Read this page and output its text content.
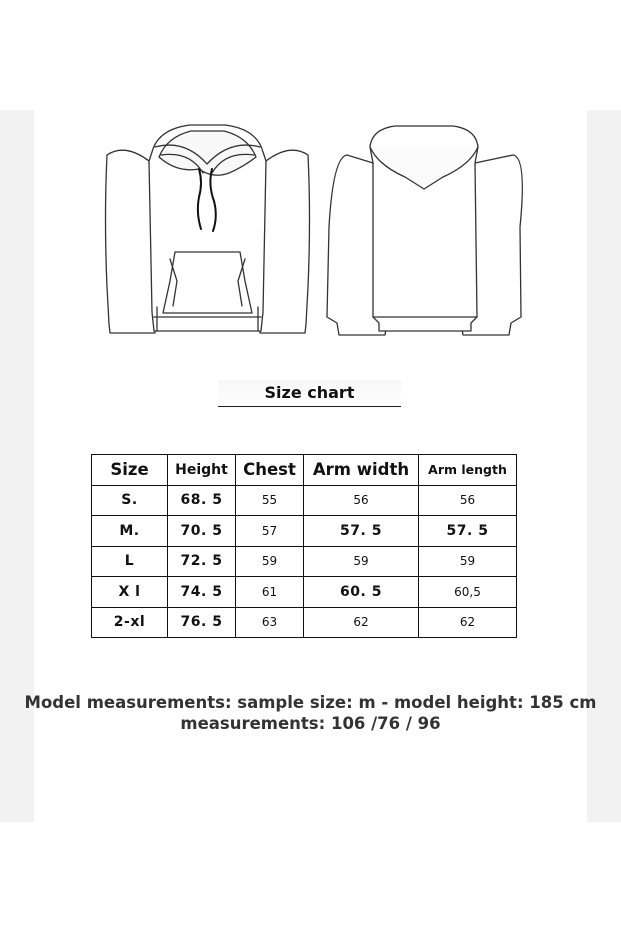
Size chart
Size	Height	Chest	Arm width	Arm length
S.	68. 5	55	56	56
M.	70. 5	57	57. 5	57. 5
L	72. 5	59	59	59
X l	74. 5	61	60. 5	60,5
2-xl	76. 5	63	62	62
Model measurements: sample size: m - model height: 185 cm
measurements: 106 /76 / 96
